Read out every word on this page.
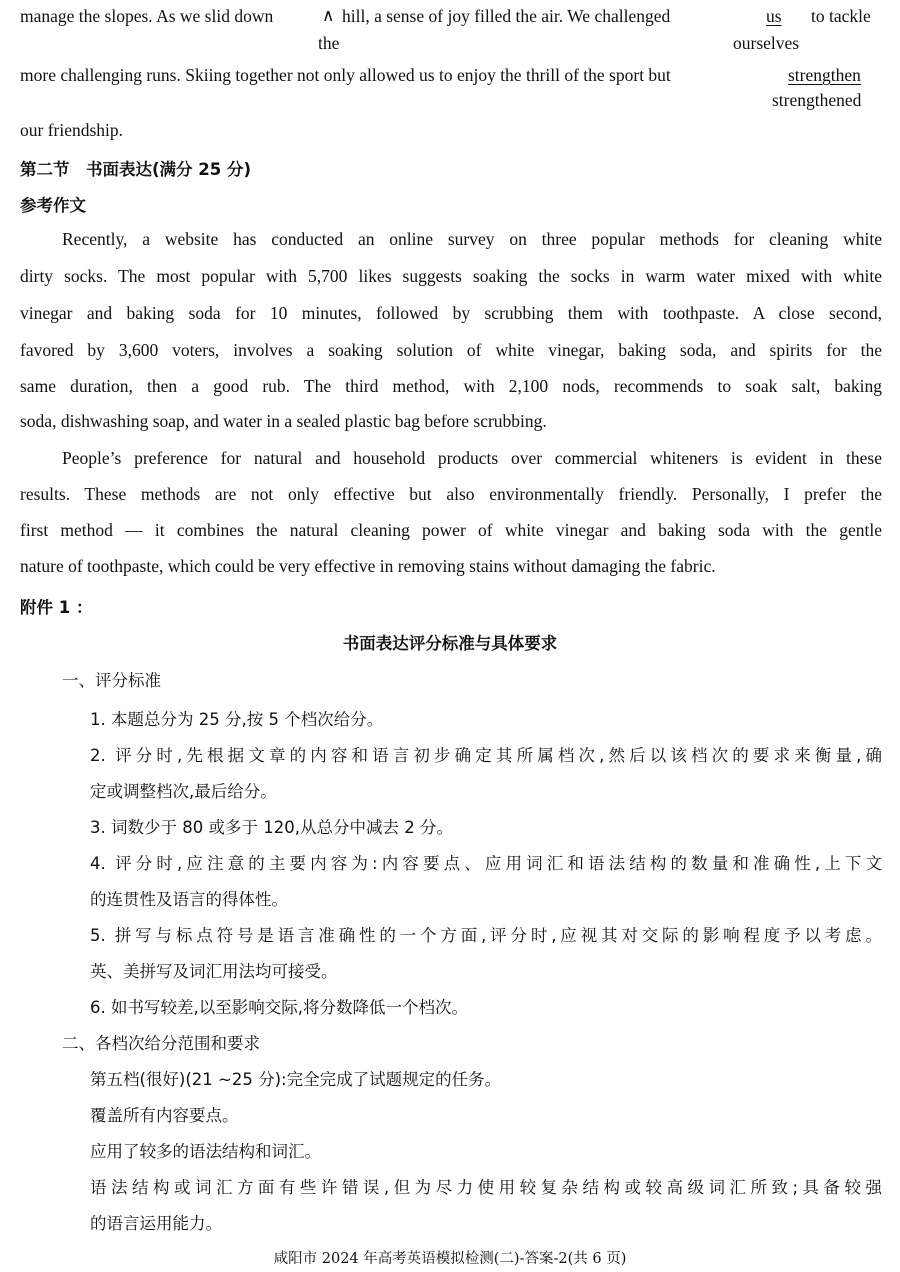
manage the slopes. As we slid down	∧
the
hill, a sense of joy filled the air. We challenged	us
ourselves
to tackle
more challenging runs. Skiing together not only allowed us to enjoy the thrill of the sport but	strengthen
strengthened
our friendship.
第二节　书面表达(满分 25 分)
参考作文
Recently, a website has conducted an online survey on three popular methods for cleaning white
dirty socks. The most popular with 5,700 likes suggests soaking the socks in warm water mixed with white
vinegar and baking soda for 10 minutes, followed by scrubbing them with toothpaste. A close second,
favored by 3,600 voters, involves a soaking solution of white vinegar, baking soda, and spirits for the
same duration, then a good rub. The third method, with 2,100 nods, recommends to soak salt, baking
soda, dishwashing soap, and water in a sealed plastic bag before scrubbing.
People’s preference for natural and household products over commercial whiteners is evident in these
results. These methods are not only effective but also environmentally friendly. Personally, I prefer the
first method — it combines the natural cleaning power of white vinegar and baking soda with the gentle
nature of toothpaste, which could be very effective in removing stains without damaging the fabric.
附件 1 ：
书面表达评分标准与具体要求
一、评分标准
1. 本题总分为 25 分,按 5 个档次给分。
2. 评分时,先根据文章的内容和语言初步确定其所属档次,然后以该档次的要求来衡量,确
定或调整档次,最后给分。
3. 词数少于 80 或多于 120,从总分中减去 2 分。
4. 评分时,应注意的主要内容为:内容要点、应用词汇和语法结构的数量和准确性,上下文
的连贯性及语言的得体性。
5. 拼写与标点符号是语言准确性的一个方面,评分时,应视其对交际的影响程度予以考虑。
英、美拼写及词汇用法均可接受。
6. 如书写较差,以至影响交际,将分数降低一个档次。
二、各档次给分范围和要求
第五档(很好)(21 ~25 分):完全完成了试题规定的任务。
覆盖所有内容要点。
应用了较多的语法结构和词汇。
语法结构或词汇方面有些许错误,但为尽力使用较复杂结构或较高级词汇所致;具备较强
的语言运用能力。
咸阳市 2024 年高考英语模拟检测(二)-答案-2(共 6 页)
